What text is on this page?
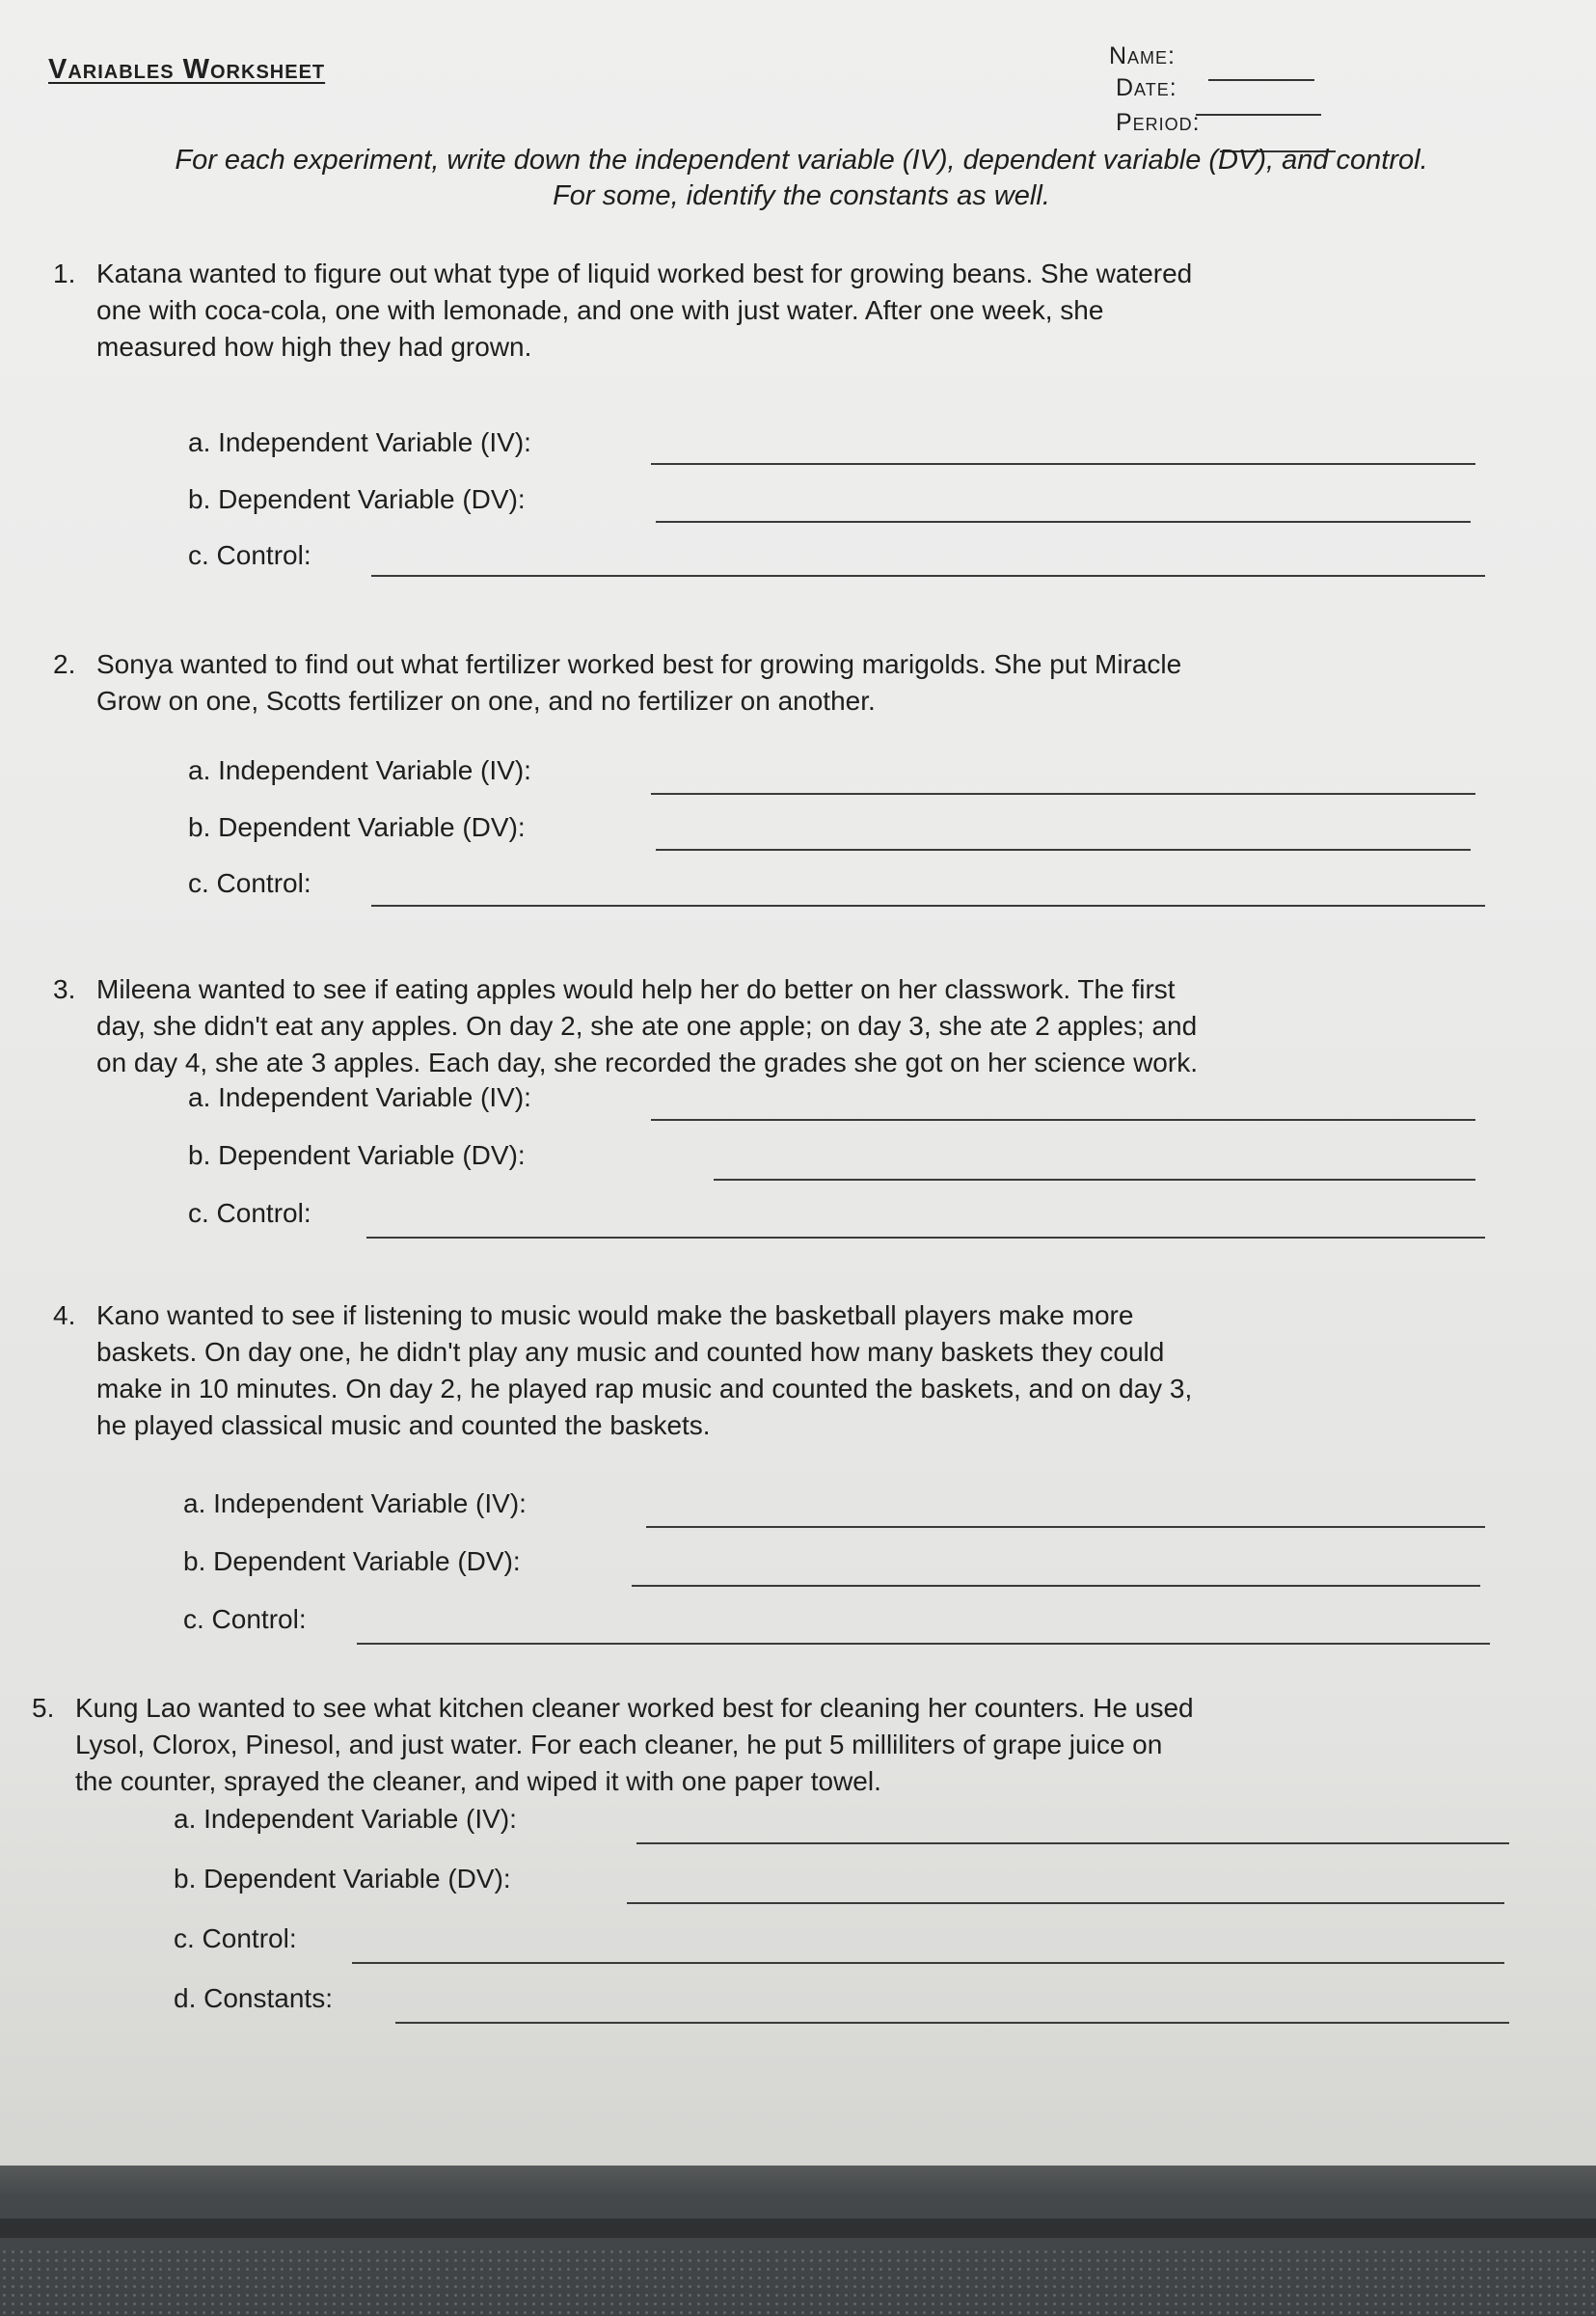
Variables Worksheet	Name:
Date:
Period:
For each experiment, write down the independent variable (IV), dependent variable (DV), and control.
For some, identify the constants as well.
1. Katana wanted to figure out what type of liquid worked best for growing beans. She watered
one with coca-cola, one with lemonade, and one with just water. After one week, she
measured how high they had grown.
a. Independent Variable (IV):
b. Dependent Variable (DV):
c. Control:
2. Sonya wanted to find out what fertilizer worked best for growing marigolds. She put Miracle
Grow on one, Scotts fertilizer on one, and no fertilizer on another.
a. Independent Variable (IV):
b. Dependent Variable (DV):
c. Control:
3. Mileena wanted to see if eating apples would help her do better on her classwork. The first
day, she didn't eat any apples. On day 2, she ate one apple; on day 3, she ate 2 apples; and
on day 4, she ate 3 apples. Each day, she recorded the grades she got on her science work.
a. Independent Variable (IV):
b. Dependent Variable (DV):
c. Control:
4. Kano wanted to see if listening to music would make the basketball players make more
baskets. On day one, he didn't play any music and counted how many baskets they could
make in 10 minutes. On day 2, he played rap music and counted the baskets, and on day 3,
he played classical music and counted the baskets.
a. Independent Variable (IV):
b. Dependent Variable (DV):
c. Control:
5. Kung Lao wanted to see what kitchen cleaner worked best for cleaning her counters. He used
Lysol, Clorox, Pinesol, and just water. For each cleaner, he put 5 milliliters of grape juice on
the counter, sprayed the cleaner, and wiped it with one paper towel.
a. Independent Variable (IV):
b. Dependent Variable (DV):
c. Control:
d. Constants:
